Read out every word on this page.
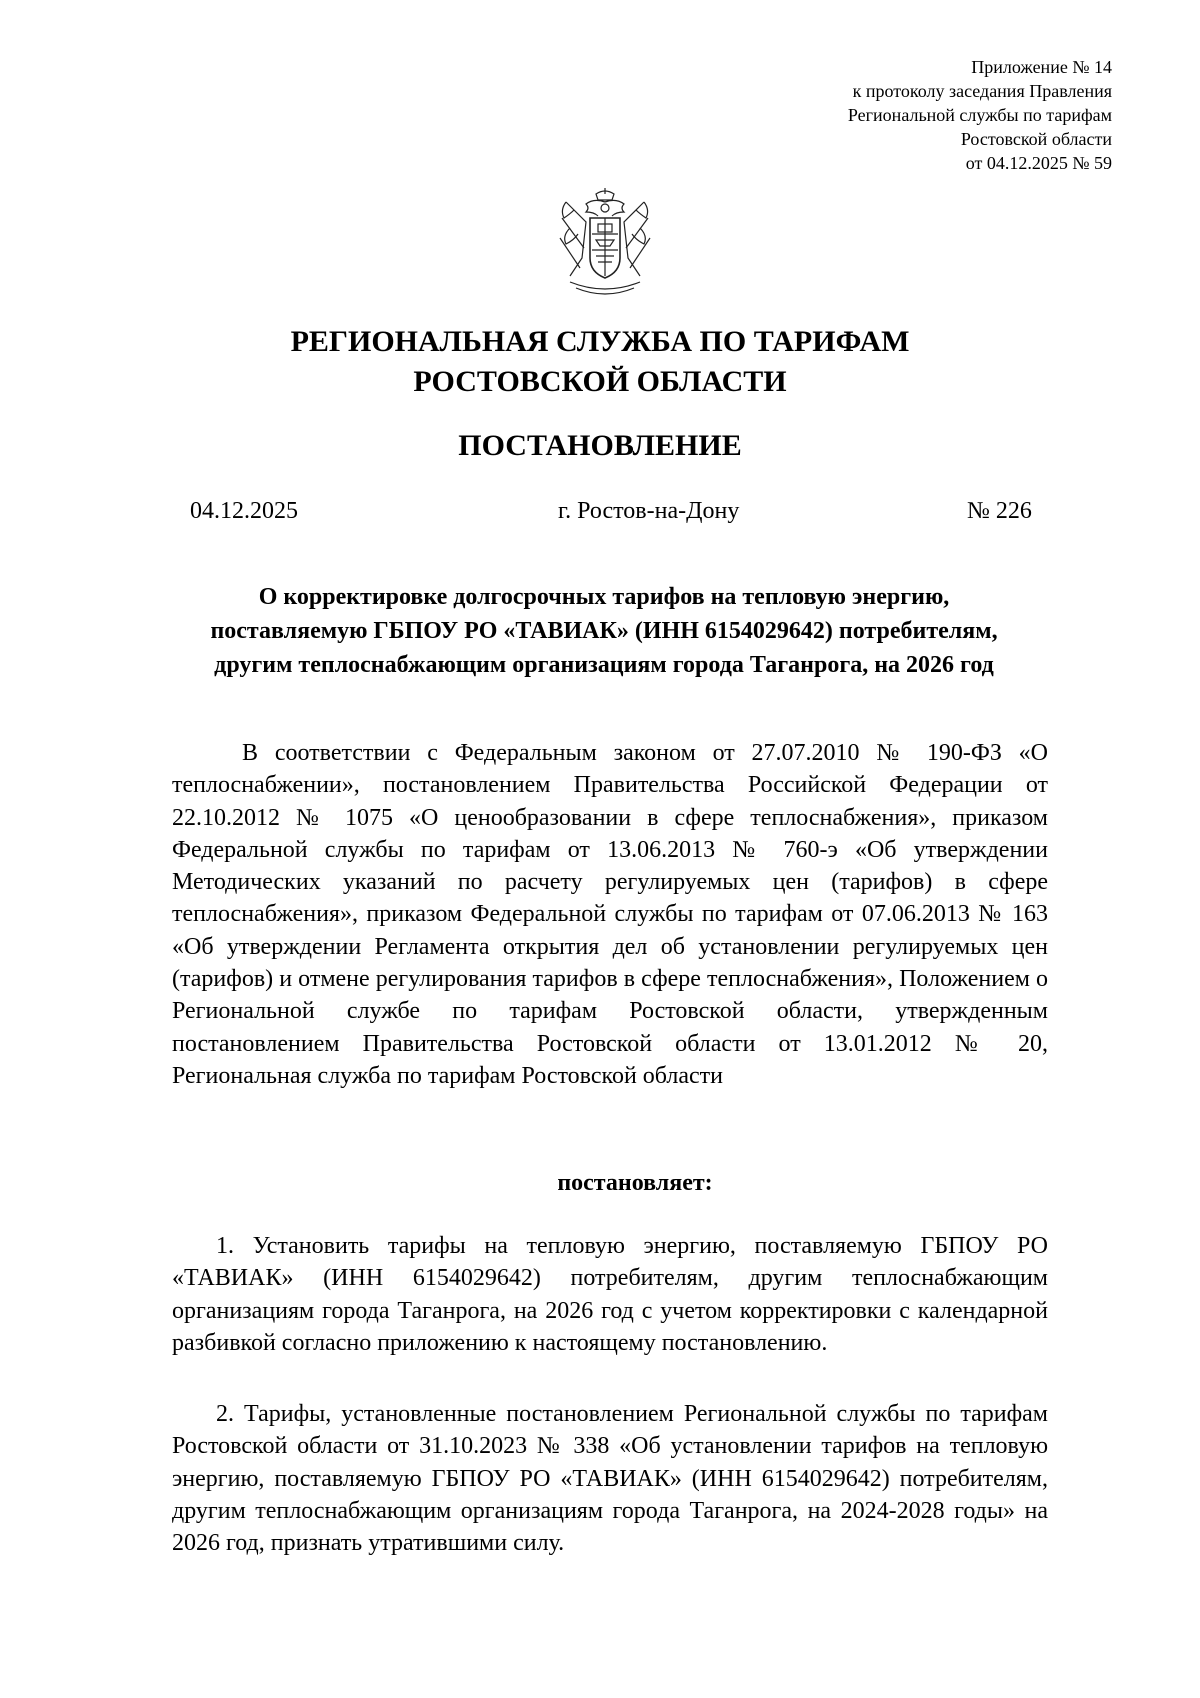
Приложение № 14
к протоколу заседания Правления
Региональной службы по тарифам
Ростовской области
от 04.12.2025 № 59
РЕГИОНАЛЬНАЯ СЛУЖБА ПО ТАРИФАМ
РОСТОВСКОЙ ОБЛАСТИ
ПОСТАНОВЛЕНИЕ
04.12.2025	г. Ростов-на-Дону	№ 226
О корректировке долгосрочных тарифов на тепловую энергию,
поставляемую ГБПОУ РО «ТАВИАК» (ИНН 6154029642) потребителям,
другим теплоснабжающим организациям города Таганрога, на 2026 год
В соответствии с Федеральным законом от 27.07.2010 № 190-ФЗ «О теплоснабжении», постановлением Правительства Российской Федерации от 22.10.2012 № 1075 «О ценообразовании в сфере теплоснабжения», приказом Федеральной службы по тарифам от 13.06.2013 № 760-э «Об утверждении Методических указаний по расчету регулируемых цен (тарифов) в сфере теплоснабжения», приказом Федеральной службы по тарифам от 07.06.2013 № 163 «Об утверждении Регламента открытия дел об установлении регулируемых цен (тарифов) и отмене регулирования тарифов в сфере теплоснабжения», Положением о Региональной службе по тарифам Ростовской области, утвержденным постановлением Правительства Ростовской области от 13.01.2012 № 20, Региональная служба по тарифам Ростовской области
постановляет:
1. Установить тарифы на тепловую энергию, поставляемую ГБПОУ РО «ТАВИАК» (ИНН 6154029642) потребителям, другим теплоснабжающим организациям города Таганрога, на 2026 год с учетом корректировки с календарной разбивкой согласно приложению к настоящему постановлению.
2. Тарифы, установленные постановлением Региональной службы по тарифам Ростовской области от 31.10.2023 № 338 «Об установлении тарифов на тепловую энергию, поставляемую ГБПОУ РО «ТАВИАК» (ИНН 6154029642) потребителям, другим теплоснабжающим организациям города Таганрога, на 2024-2028 годы» на 2026 год, признать утратившими силу.
